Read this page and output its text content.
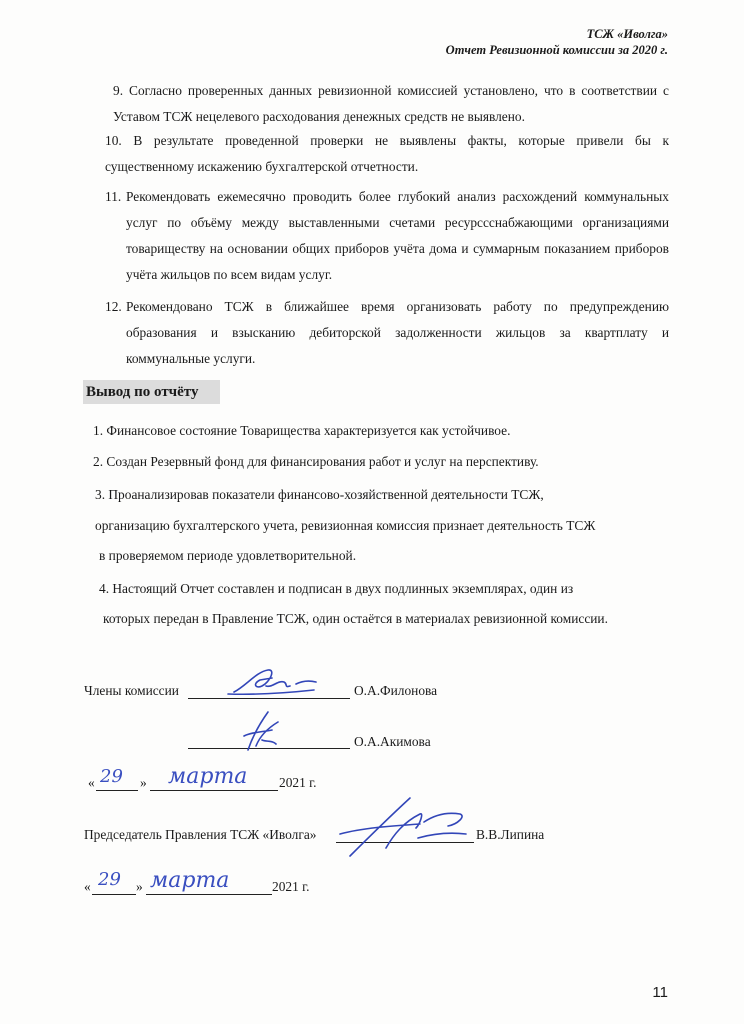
ТСЖ «Иволга»
Отчет Ревизионной комиссии за 2020 г.
9. Согласно проверенных данных ревизионной комиссией установлено, что в соответствии с Уставом ТСЖ нецелевого расходования денежных средств не выявлено.
10. В результате проведенной проверки не выявлены факты, которые привели бы к существенному искажению бухгалтерской отчетности.
11. Рекомендовать ежемесячно проводить более глубокий анализ расхождений коммунальных услуг по объёму между выставленными счетами ресурссснабжающими организациями товариществу на основании общих приборов учёта дома и суммарным показанием приборов учёта жильцов по всем видам услуг.
12. Рекомендовано ТСЖ в ближайшее время организовать работу по предупреждению образования и взысканию дебиторской задолженности жильцов за квартплату и коммунальные услуги.
Вывод по отчёту
1. Финансовое состояние Товарищества характеризуется как устойчивое.
2. Создан Резервный фонд для финансирования работ и услуг на перспективу.
3. Проанализировав показатели финансово-хозяйственной деятельности ТСЖ,
организацию бухгалтерского учета, ревизионная комиссия признает деятельность ТСЖ
в проверяемом периоде удовлетворительной.
4. Настоящий Отчет составлен и подписан в двух подлинных экземплярах, один из
которых передан в Правление ТСЖ, один остаётся в материалах ревизионной комиссии.
Члены комиссии	О.А.Филонова
О.А.Акимова
« 29 » марта 2021 г.
Председатель Правления ТСЖ «Иволга»	В.В.Липина
« 29 » марта	2021 г.
11
